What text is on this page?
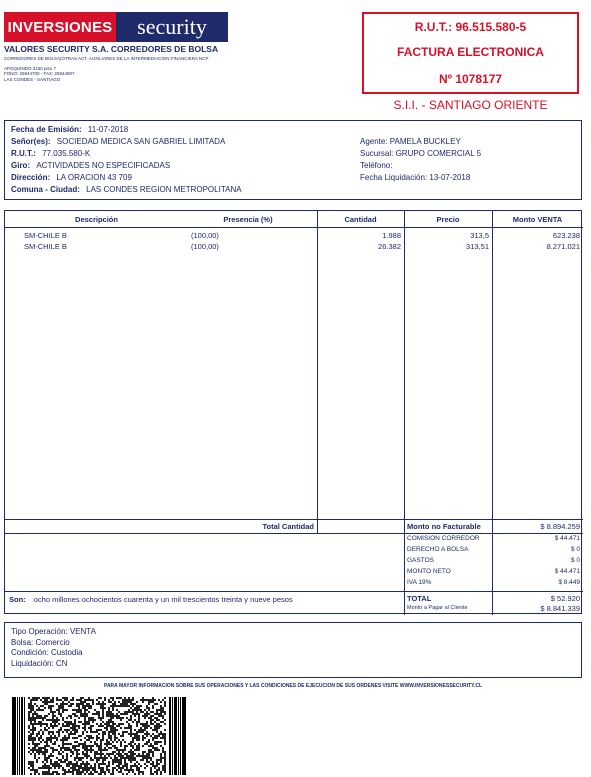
INVERSIONES	security
VALORES SECURITY S.A. CORREDORES DE BOLSA
CORREDORES DE BOLSA(OTRAS ACT. AUXILIARES DE LA INTERMEDIACION FINANCIERA NCP
APOQUINDO 3150 piso 7
FONO: 25844700 - FAX: 25844807
LAS CONDES - SANTIAGO
R.U.T.: 96.515.580-5
FACTURA ELECTRONICA
Nº 1078177
S.I.I. - SANTIAGO ORIENTE
Fecha de Emisión: 11-07-2018
Señor(es): SOCIEDAD MEDICA SAN GABRIEL LIMITADA
R.U.T.: 77.035.580-K
Giro: ACTIVIDADES NO ESPECIFICADAS
Dirección: LA ORACION 43 709
Comuna - Ciudad: LAS CONDES REGION METROPOLITANA
Agente: PAMELA BUCKLEY
Sucursal: GRUPO COMERCIAL 5
Teléfono:
Fecha Liquidación: 13-07-2018
Descripción	Presencia (%)	Cantidad	Precio	Monto VENTA
SM-CHILE B	(100,00)	1.988	313,5	623.238
SM-CHILE B	(100,00)	26.382	313,51	8.271.021
Total Cantidad	Monto no Facturable	$ 8.894.259
COMISION CORREDOR	$ 44.471
DERECHO A BOLSA	$ 0
GASTOS	$ 0
MONTO NETO	$ 44.471
IVA 19%	$ 8.449
Son: ocho millones ochocientos cuarenta y un mil trescientos treinta y nueve pesos	TOTAL	$ 52.920
Monto a Pagar al Cliente	$ 8.841.339
Tipo Operación: VENTA
Bolsa: Comercio
Condición: Custodia
Liquidación: CN
PARA MAYOR INFORMACION SOBRE SUS OPERACIONES Y LAS CONDICIONES DE EJECUCION DE SUS ORDENES VISITE WWW.INVERSIONESSECURITY.CL
